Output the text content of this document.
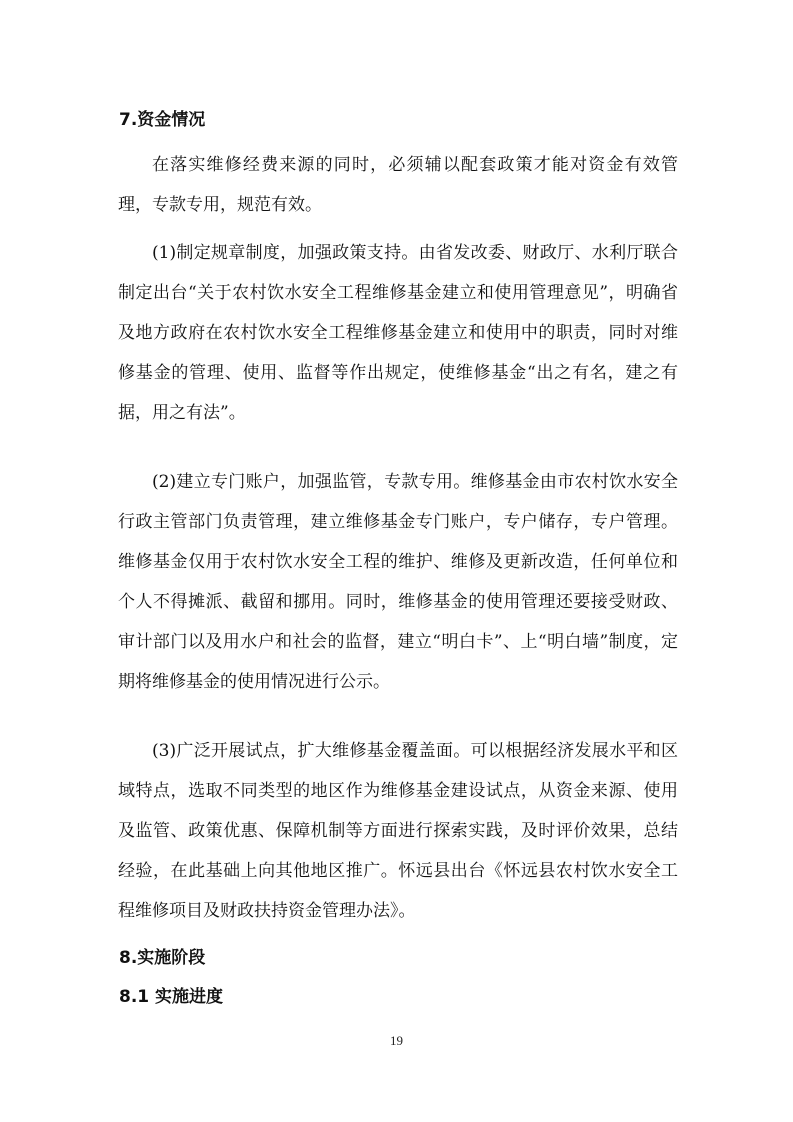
7.资金情况

在落实维修经费来源的同时，必须辅以配套政策才能对资金有效管理，专款专用，规范有效。

(1)制定规章制度，加强政策支持。由省发改委、财政厅、水利厅联合制定出台“关于农村饮水安全工程维修基金建立和使用管理意见”，明确省及地方政府在农村饮水安全工程维修基金建立和使用中的职责，同时对维修基金的管理、使用、监督等作出规定，使维修基金“出之有名，建之有据，用之有法”。

(2)建立专门账户，加强监管，专款专用。维修基金由市农村饮水安全行政主管部门负责管理，建立维修基金专门账户，专户储存，专户管理。维修基金仅用于农村饮水安全工程的维护、维修及更新改造，任何单位和个人不得摊派、截留和挪用。同时，维修基金的使用管理还要接受财政、审计部门以及用水户和社会的监督，建立“明白卡”、上“明白墙”制度，定期将维修基金的使用情况进行公示。

(3)广泛开展试点，扩大维修基金覆盖面。可以根据经济发展水平和区域特点，选取不同类型的地区作为维修基金建设试点，从资金来源、使用及监管、政策优惠、保障机制等方面进行探索实践，及时评价效果，总结经验，在此基础上向其他地区推广。怀远县出台《怀远县农村饮水安全工程维修项目及财政扶持资金管理办法》。

8.实施阶段
8.1 实施进度
19
